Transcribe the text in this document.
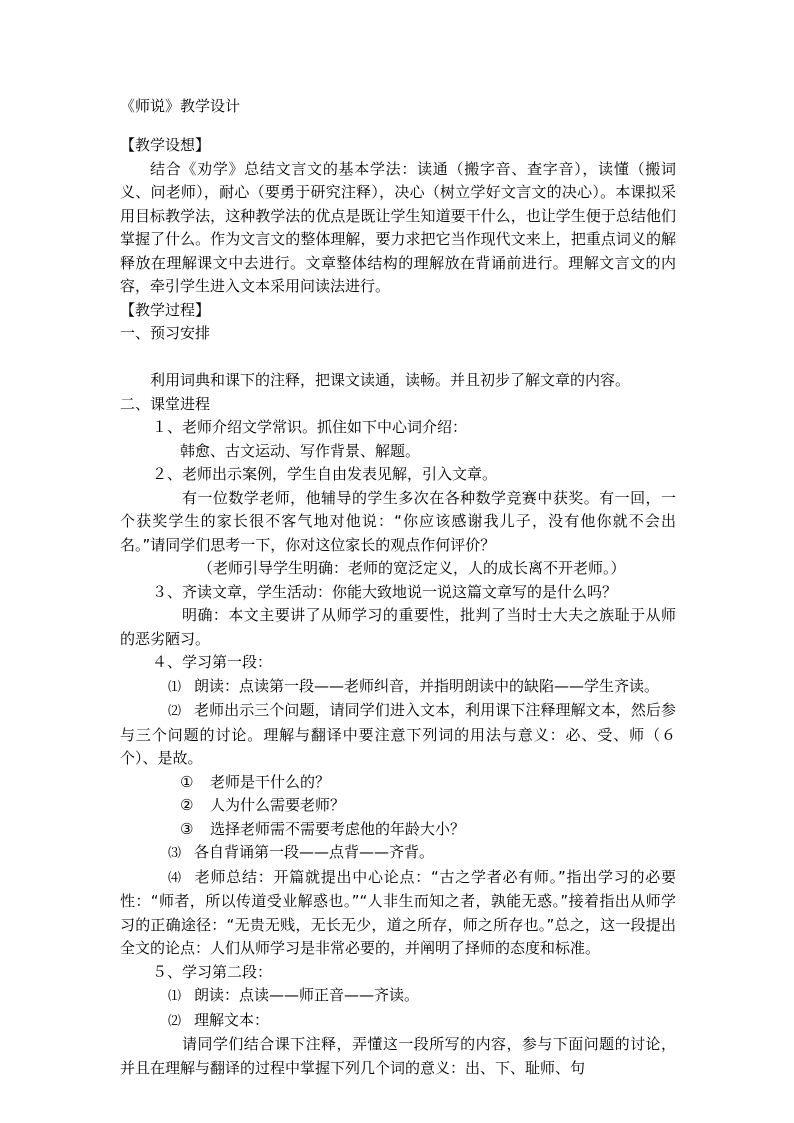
《师说》教学设计

【教学设想】

结合《劝学》总结文言文的基本学法：读通（搬字音、查字音），读懂（搬词义、问老师），耐心（要勇于研究注释），决心（树立学好文言文的决心）。本课拟采用目标教学法，这种教学法的优点是既让学生知道要干什么，也让学生便于总结他们掌握了什么。作为文言文的整体理解，要力求把它当作现代文来上，把重点词义的解释放在理解课文中去进行。文章整体结构的理解放在背诵前进行。理解文言文的内容，牵引学生进入文本采用问读法进行。

【教学过程】

一、预习安排

利用词典和课下的注释，把课文读通，读畅。并且初步了解文章的内容。

二、课堂进程

１、老师介绍文学常识。抓住如下中心词介绍：

韩愈、古文运动、写作背景、解题。

２、老师出示案例，学生自由发表见解，引入文章。

有一位数学老师，他辅导的学生多次在各种数学竞赛中获奖。有一回，一个获奖学生的家长很不客气地对他说：“你应该感谢我儿子，没有他你就不会出名。”请同学们思考一下，你对这位家长的观点作何评价？

（老师引导学生明确：老师的宽泛定义，人的成长离不开老师。）

３、齐读文章，学生活动：你能大致地说一说这篇文章写的是什么吗？

明确：本文主要讲了从师学习的重要性，批判了当时士大夫之族耻于从师的恶劣陋习。

４、学习第一段：

⑴ 朗读：点读第一段——老师纠音，并指明朗读中的缺陷——学生齐读。

⑵ 老师出示三个问题，请同学们进入文本，利用课下注释理解文本，然后参与三个问题的讨论。理解与翻译中要注意下列词的用法与意义：必、受、师（６个）、是故。

① 老师是干什么的？

② 人为什么需要老师？

③ 选择老师需不需要考虑他的年龄大小？

⑶ 各自背诵第一段——点背——齐背。

⑷ 老师总结：开篇就提出中心论点：“古之学者必有师。”指出学习的必要性：“师者，所以传道受业解惑也。”“人非生而知之者，孰能无惑。”接着指出从师学习的正确途径：“无贵无贱，无长无少，道之所存，师之所存也。”总之，这一段提出全文的论点：人们从师学习是非常必要的，并阐明了择师的态度和标准。

５、学习第二段：

⑴ 朗读：点读——师正音——齐读。

⑵ 理解文本：

请同学们结合课下注释，弄懂这一段所写的内容，参与下面问题的讨论，并且在理解与翻译的过程中掌握下列几个词的意义：出、下、耻师、句
